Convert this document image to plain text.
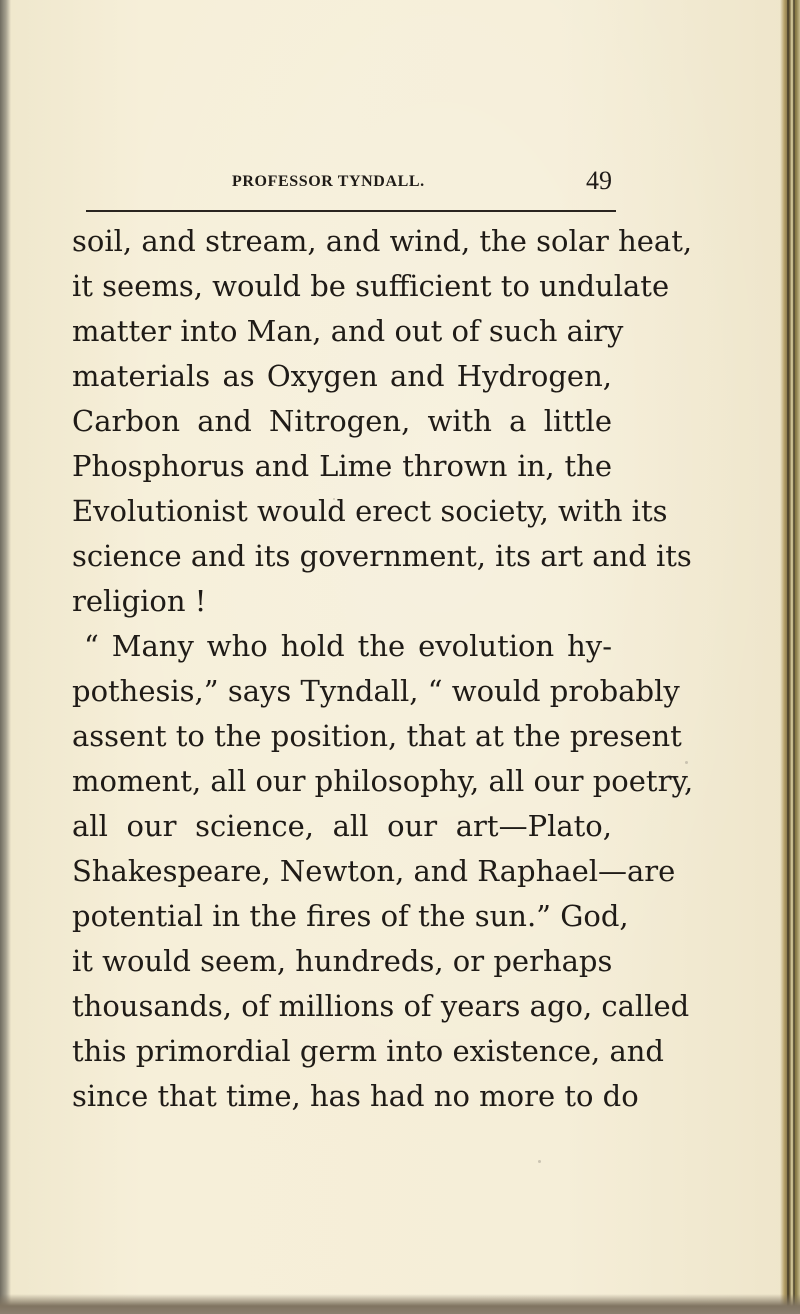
PROFESSOR TYNDALL.	49
soil, and stream, and wind, the solar heat,
it seems, would be sufficient to undulate
matter into Man, and out of such airy
materials as Oxygen and Hydrogen,
Carbon and Nitrogen, with a little
Phosphorus and Lime thrown in, the
Evolutionist would erect society, with its
science and its government, its art and its
religion !
“ Many who hold the evolution hy-
pothesis,” says Tyndall, “ would probably
assent to the position, that at the present
moment, all our philosophy, all our poetry,
all our science, all our art—Plato,
Shakespeare, Newton, and Raphael—are
potential in the fires of the sun.” God,
it would seem, hundreds, or perhaps
thousands, of millions of years ago, called
this primordial germ into existence, and
since that time, has had no more to do
